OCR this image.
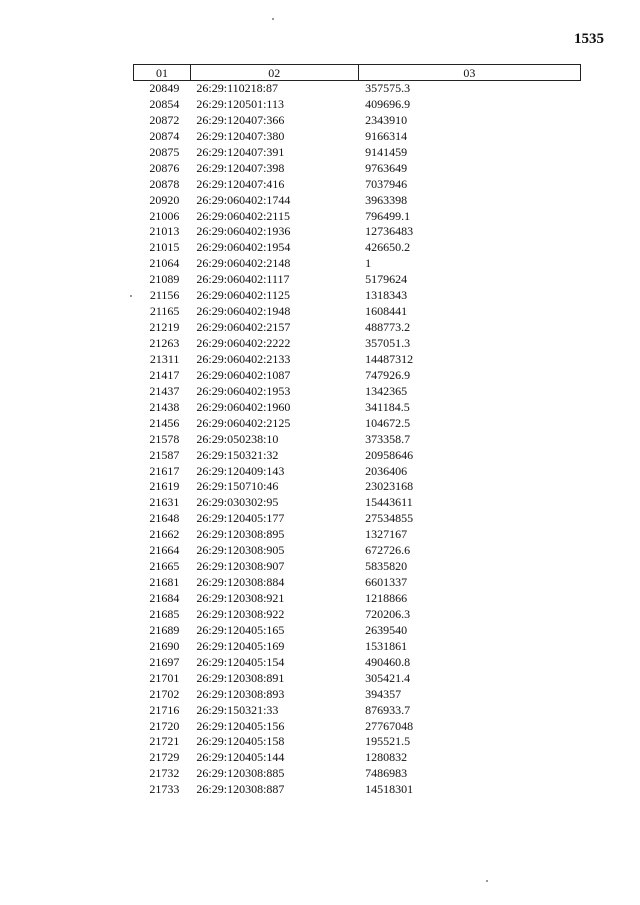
1535
01	02	03
20849	26:29:110218:87	357575.3
20854	26:29:120501:113	409696.9
20872	26:29:120407:366	2343910
20874	26:29:120407:380	9166314
20875	26:29:120407:391	9141459
20876	26:29:120407:398	9763649
20878	26:29:120407:416	7037946
20920	26:29:060402:1744	3963398
21006	26:29:060402:2115	796499.1
21013	26:29:060402:1936	12736483
21015	26:29:060402:1954	426650.2
21064	26:29:060402:2148	1
21089	26:29:060402:1117	5179624
21156	26:29:060402:1125	1318343
21165	26:29:060402:1948	1608441
21219	26:29:060402:2157	488773.2
21263	26:29:060402:2222	357051.3
21311	26:29:060402:2133	14487312
21417	26:29:060402:1087	747926.9
21437	26:29:060402:1953	1342365
21438	26:29:060402:1960	341184.5
21456	26:29:060402:2125	104672.5
21578	26:29:050238:10	373358.7
21587	26:29:150321:32	20958646
21617	26:29:120409:143	2036406
21619	26:29:150710:46	23023168
21631	26:29:030302:95	15443611
21648	26:29:120405:177	27534855
21662	26:29:120308:895	1327167
21664	26:29:120308:905	672726.6
21665	26:29:120308:907	5835820
21681	26:29:120308:884	6601337
21684	26:29:120308:921	1218866
21685	26:29:120308:922	720206.3
21689	26:29:120405:165	2639540
21690	26:29:120405:169	1531861
21697	26:29:120405:154	490460.8
21701	26:29:120308:891	305421.4
21702	26:29:120308:893	394357
21716	26:29:150321:33	876933.7
21720	26:29:120405:156	27767048
21721	26:29:120405:158	195521.5
21729	26:29:120405:144	1280832
21732	26:29:120308:885	7486983
21733	26:29:120308:887	14518301
